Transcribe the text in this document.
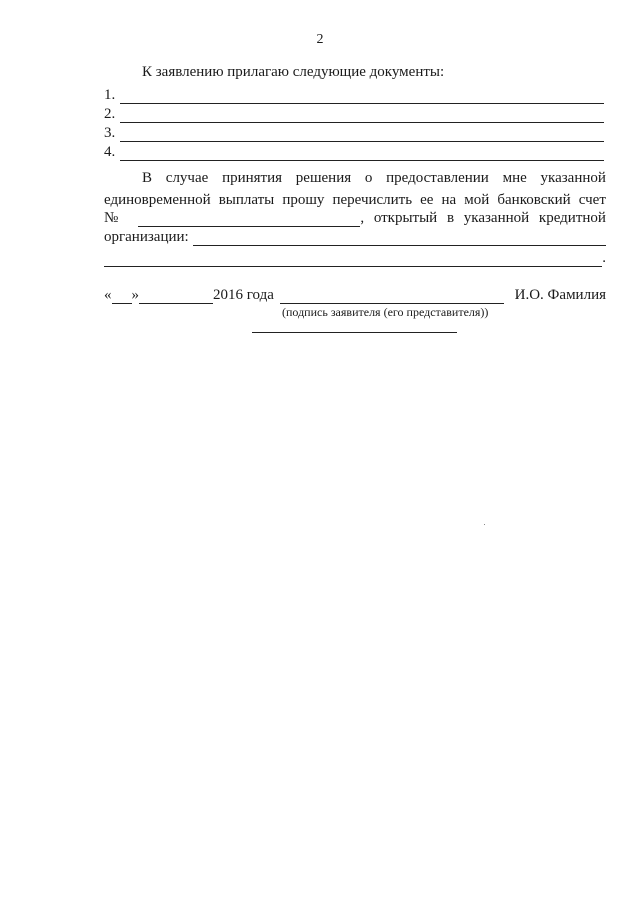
2
К заявлению прилагаю следующие документы:
1.
2.
3.
4.
В случае принятия решения о предоставлении мне указанной
единовременной выплаты прошу перечислить ее на мой банковский счет
№	, открытый в указанной кредитной
организации:
.
« »	2016 года	И.О. Фамилия
(подпись заявителя (его представителя))
